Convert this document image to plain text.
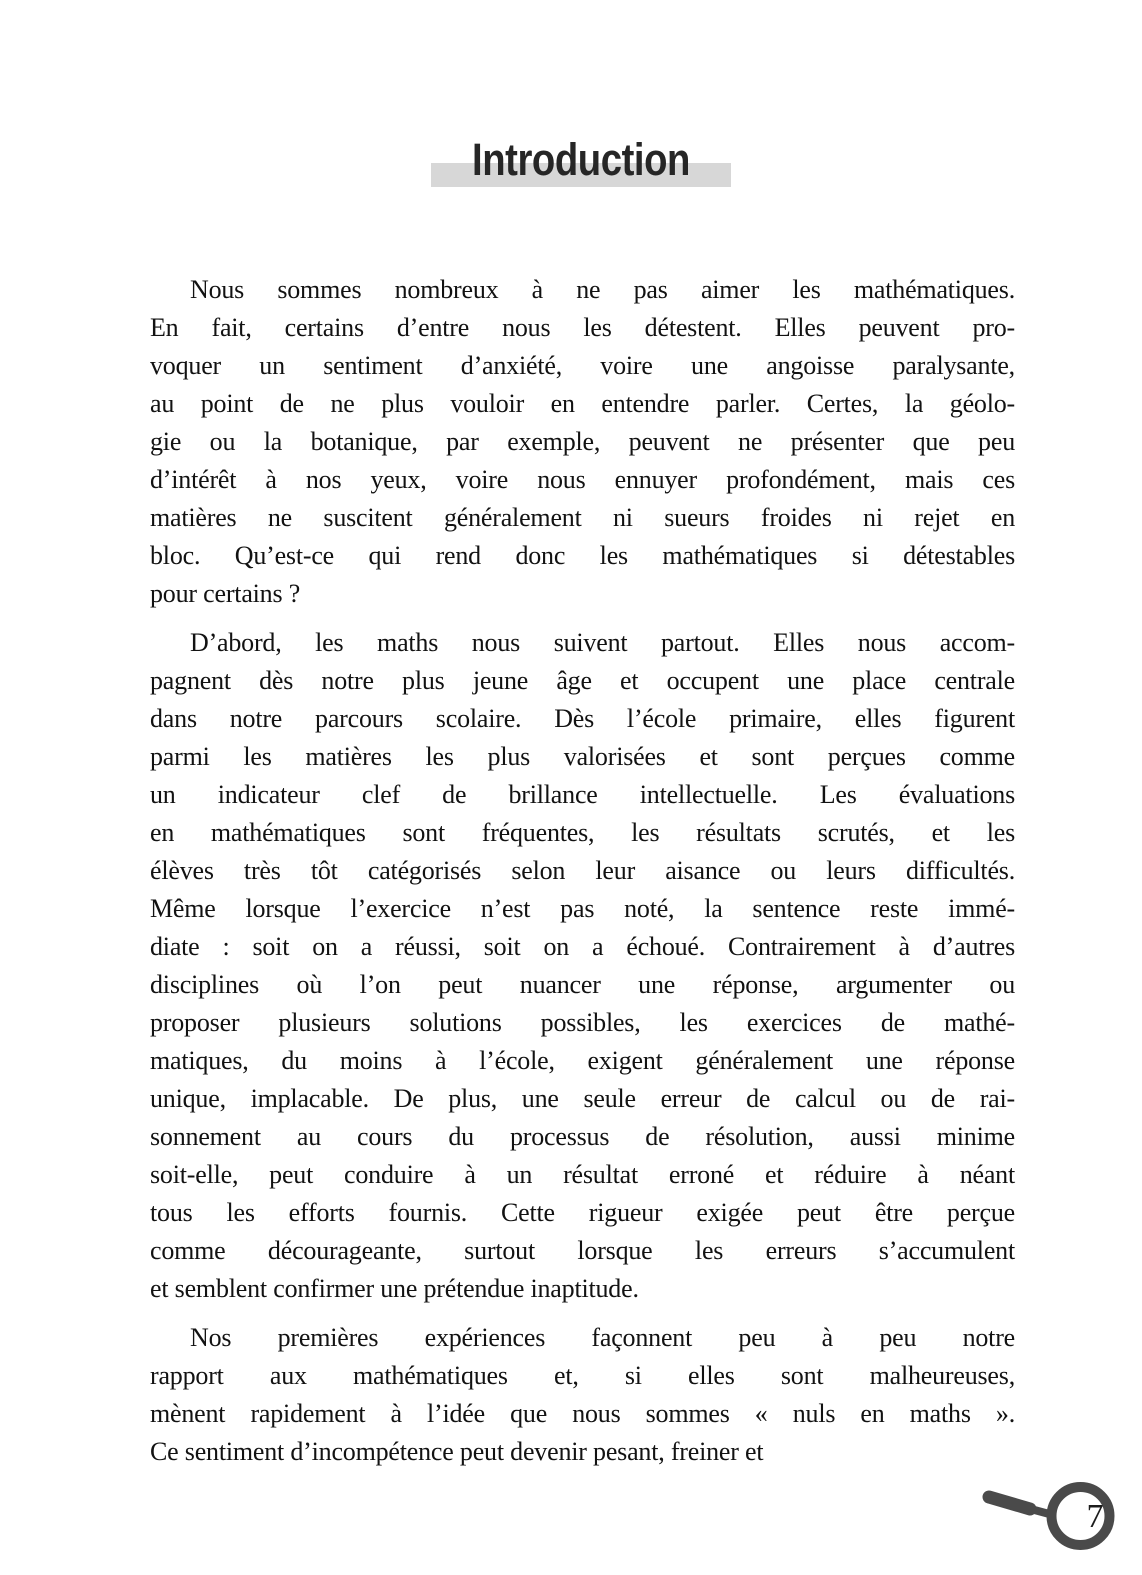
Introduction
Nous sommes nombreux à ne pas aimer les mathématiques.
En fait, certains d’entre nous les détestent. Elles peuvent pro-
voquer un sentiment d’anxiété, voire une angoisse paralysante,
au point de ne plus vouloir en entendre parler. Certes, la géolo-
gie ou la botanique, par exemple, peuvent ne présenter que peu
d’intérêt à nos yeux, voire nous ennuyer profondément, mais ces
matières ne suscitent généralement ni sueurs froides ni rejet en
bloc. Qu’est-ce qui rend donc les mathématiques si détestables
pour certains ?
D’abord, les maths nous suivent partout. Elles nous accom-
pagnent dès notre plus jeune âge et occupent une place centrale
dans notre parcours scolaire. Dès l’école primaire, elles figurent
parmi les matières les plus valorisées et sont perçues comme
un indicateur clef de brillance intellectuelle. Les évaluations
en mathématiques sont fréquentes, les résultats scrutés, et les
élèves très tôt catégorisés selon leur aisance ou leurs difficultés.
Même lorsque l’exercice n’est pas noté, la sentence reste immé-
diate : soit on a réussi, soit on a échoué. Contrairement à d’autres
disciplines où l’on peut nuancer une réponse, argumenter ou
proposer plusieurs solutions possibles, les exercices de mathé-
matiques, du moins à l’école, exigent généralement une réponse
unique, implacable. De plus, une seule erreur de calcul ou de rai-
sonnement au cours du processus de résolution, aussi minime
soit-elle, peut conduire à un résultat erroné et réduire à néant
tous les efforts fournis. Cette rigueur exigée peut être perçue
comme décourageante, surtout lorsque les erreurs s’accumulent
et semblent confirmer une prétendue inaptitude.
Nos premières expériences façonnent peu à peu notre
rapport aux mathématiques et, si elles sont malheureuses,
mènent rapidement à l’idée que nous sommes « nuls en maths ».
Ce sentiment d’incompétence peut devenir pesant, freiner et
7
